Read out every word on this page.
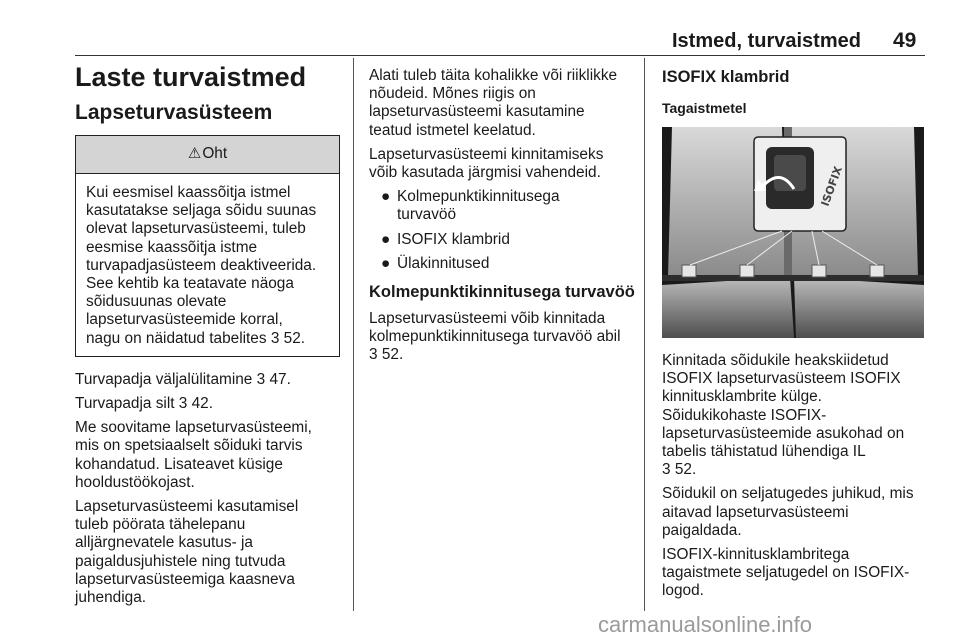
Istmed, turvaistmed 49
Laste turvaistmed
Lapseturvasüsteem
⚠ Oht
Kui eesmisel kaassõitja istmel
kasutatakse seljaga sõidu suunas
olevat lapseturvasüsteemi, tuleb
eesmise kaassõitja istme
turvapadjasüsteem deaktiveerida.
See kehtib ka teatavate näoga
sõidusuunas olevate
lapseturvasüsteemide korral,
nagu on näidatud tabelites 3 52.

Turvapadja väljalülitamine 3 47.

Turvapadja silt 3 42.

Me soovitame lapseturvasüsteemi,
mis on spetsiaalselt sõiduki tarvis
kohandatud. Lisateavet küsige
hooldustöökojast.

Lapseturvasüsteemi kasutamisel
tuleb pöörata tähelepanu
alljärgnevatele kasutus- ja
paigaldusjuhistele ning tutvuda
lapseturvasüsteemiga kaasneva
juhendiga.

Alati tuleb täita kohalikke või riiklikke
nõudeid. Mõnes riigis on
lapseturvasüsteemi kasutamine
teatud istmetel keelatud.

Lapseturvasüsteemi kinnitamiseks
võib kasutada järgmisi vahendeid.

● Kolmepunktikinnitusega
turvavöö
● ISOFIX klambrid
● Ülakinnitused
Kolmepunktikinnitusega turvavöö

Lapseturvasüsteemi võib kinnitada
kolmepunktikinnitusega turvavöö abil
3 52.

ISOFIX klambrid
Tagaistmetel
ISOFIX

Kinnitada sõidukile heakskiidetud
ISOFIX lapseturvasüsteem ISOFIX
kinnitusklambrite külge.
Sõidukikohaste ISOFIX-
lapseturvasüsteemide asukohad on
tabelis tähistatud lühendiga IL
3 52.

Sõidukil on seljatugedes juhikud, mis
aitavad lapseturvasüsteemi
paigaldada.

ISOFIX-kinnitusklambritega
tagaistmete seljatugedel on ISOFIX-
logod.

carmanualsonline.info
